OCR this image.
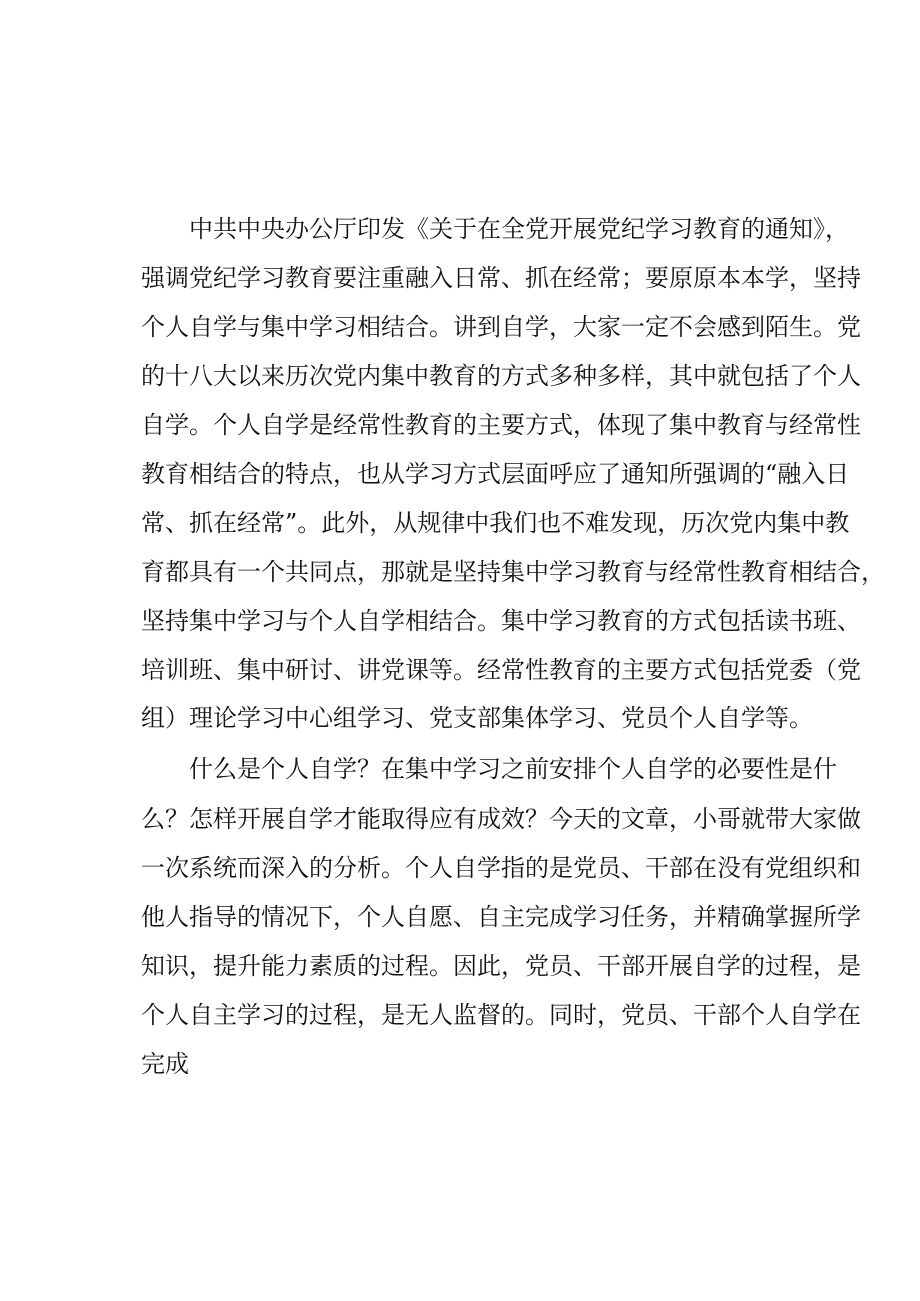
中共中央办公厅印发《关于在全党开展党纪学习教育的通知》，
强调党纪学习教育要注重融入日常、抓在经常；要原原本本学，坚持
个人自学与集中学习相结合。讲到自学，大家一定不会感到陌生。党
的十八大以来历次党内集中教育的方式多种多样，其中就包括了个人
自学。个人自学是经常性教育的主要方式，体现了集中教育与经常性
教育相结合的特点，也从学习方式层面呼应了通知所强调的“融入日
常、抓在经常”。此外，从规律中我们也不难发现，历次党内集中教
育都具有一个共同点，那就是坚持集中学习教育与经常性教育相结合，
坚持集中学习与个人自学相结合。集中学习教育的方式包括读书班、
培训班、集中研讨、讲党课等。经常性教育的主要方式包括党委（党
组）理论学习中心组学习、党支部集体学习、党员个人自学等。
什么是个人自学？在集中学习之前安排个人自学的必要性是什
么？怎样开展自学才能取得应有成效？今天的文章，小哥就带大家做
一次系统而深入的分析。个人自学指的是党员、干部在没有党组织和
他人指导的情况下，个人自愿、自主完成学习任务，并精确掌握所学
知识，提升能力素质的过程。因此，党员、干部开展自学的过程，是
个人自主学习的过程，是无人监督的。同时，党员、干部个人自学在
完成
